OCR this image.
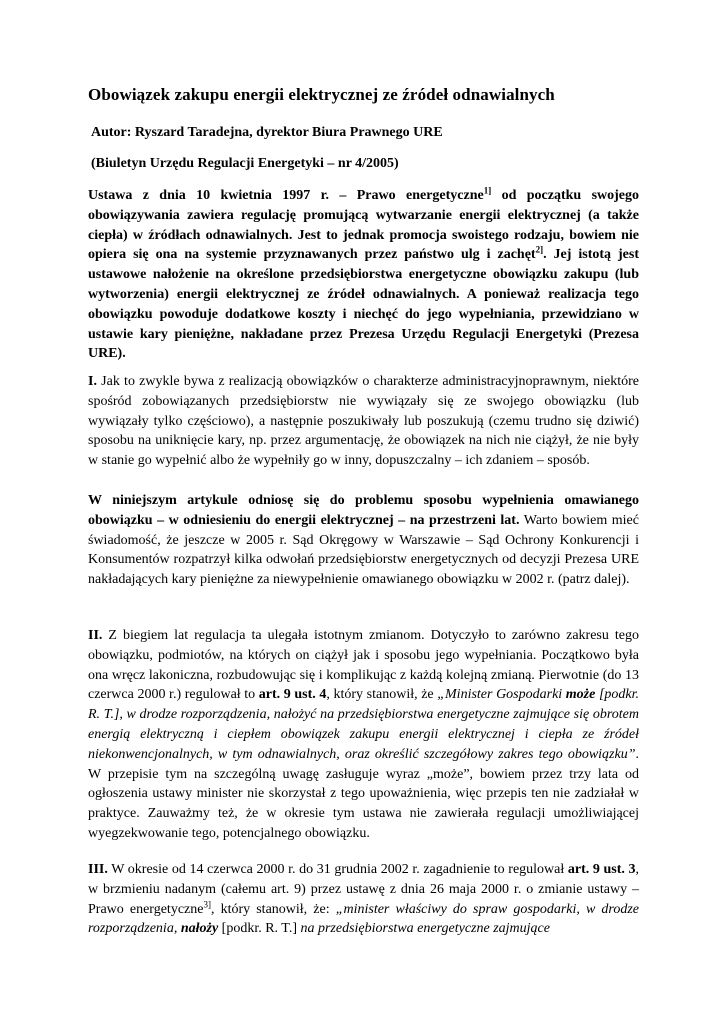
Obowiązek zakupu energii elektrycznej ze źródeł odnawialnych

Autor: Ryszard Taradejna, dyrektor Biura Prawnego URE

(Biuletyn Urzędu Regulacji Energetyki – nr 4/2005)

Ustawa z dnia 10 kwietnia 1997 r. – Prawo energetyczne$^{1]}$ od początku swojego obowiązywania zawiera regulację promującą wytwarzanie energii elektrycznej (a także ciepła) w źródłach odnawialnych. Jest to jednak promocja swoistego rodzaju, bowiem nie opiera się ona na systemie przyznawanych przez państwo ulg i zachęt$^{2]}$. Jej istotą jest ustawowe nałożenie na określone przedsiębiorstwa energetyczne obowiązku zakupu (lub wytworzenia) energii elektrycznej ze źródeł odnawialnych. A ponieważ realizacja tego obowiązku powoduje dodatkowe koszty i niechęć do jego wypełniania, przewidziano w ustawie kary pieniężne, nakładane przez Prezesa Urzędu Regulacji Energetyki (Prezesa URE).

I. Jak to zwykle bywa z realizacją obowiązków o charakterze administracyjnoprawnym, niektóre spośród zobowiązanych przedsiębiorstw nie wywiązały się ze swojego obowiązku (lub wywiązały tylko częściowo), a następnie poszukiwały lub poszukują (czemu trudno się dziwić) sposobu na uniknięcie kary, np. przez argumentację, że obowiązek na nich nie ciążył, że nie były w stanie go wypełnić albo że wypełniły go w inny, dopuszczalny – ich zdaniem – sposób.

W niniejszym artykule odniosę się do problemu sposobu wypełnienia omawianego obowiązku – w odniesieniu do energii elektrycznej – na przestrzeni lat. Warto bowiem mieć świadomość, że jeszcze w 2005 r. Sąd Okręgowy w Warszawie – Sąd Ochrony Konkurencji i Konsumentów rozpatrzył kilka odwołań przedsiębiorstw energetycznych od decyzji Prezesa URE nakładających kary pieniężne za niewypełnienie omawianego obowiązku w 2002 r. (patrz dalej).

II. Z biegiem lat regulacja ta ulegała istotnym zmianom. Dotyczyło to zarówno zakresu tego obowiązku, podmiotów, na których on ciążył jak i sposobu jego wypełniania. Początkowo była ona wręcz lakoniczna, rozbudowując się i komplikując z każdą kolejną zmianą. Pierwotnie (do 13 czerwca 2000 r.) regulował to art. 9 ust. 4, który stanowił, że „Minister Gospodarki może [podkr. R. T.], w drodze rozporządzenia, nałożyć na przedsiębiorstwa energetyczne zajmujące się obrotem energią elektryczną i ciepłem obowiązek zakupu energii elektrycznej i ciepła ze źródeł niekonwencjonalnych, w tym odnawialnych, oraz określić szczegółowy zakres tego obowiązku”. W przepisie tym na szczególną uwagę zasługuje wyraz „może”, bowiem przez trzy lata od ogłoszenia ustawy minister nie skorzystał z tego upoważnienia, więc przepis ten nie zadziałał w praktyce. Zauważmy też, że w okresie tym ustawa nie zawierała regulacji umożliwiającej wyegzekwowanie tego, potencjalnego obowiązku.

III. W okresie od 14 czerwca 2000 r. do 31 grudnia 2002 r. zagadnienie to regulował art. 9 ust. 3, w brzmieniu nadanym (całemu art. 9) przez ustawę z dnia 26 maja 2000 r. o zmianie ustawy – Prawo energetyczne$^{3]}$, który stanowił, że: „minister właściwy do spraw gospodarki, w drodze rozporządzenia, nałoży [podkr. R. T.] na przedsiębiorstwa energetyczne zajmujące
